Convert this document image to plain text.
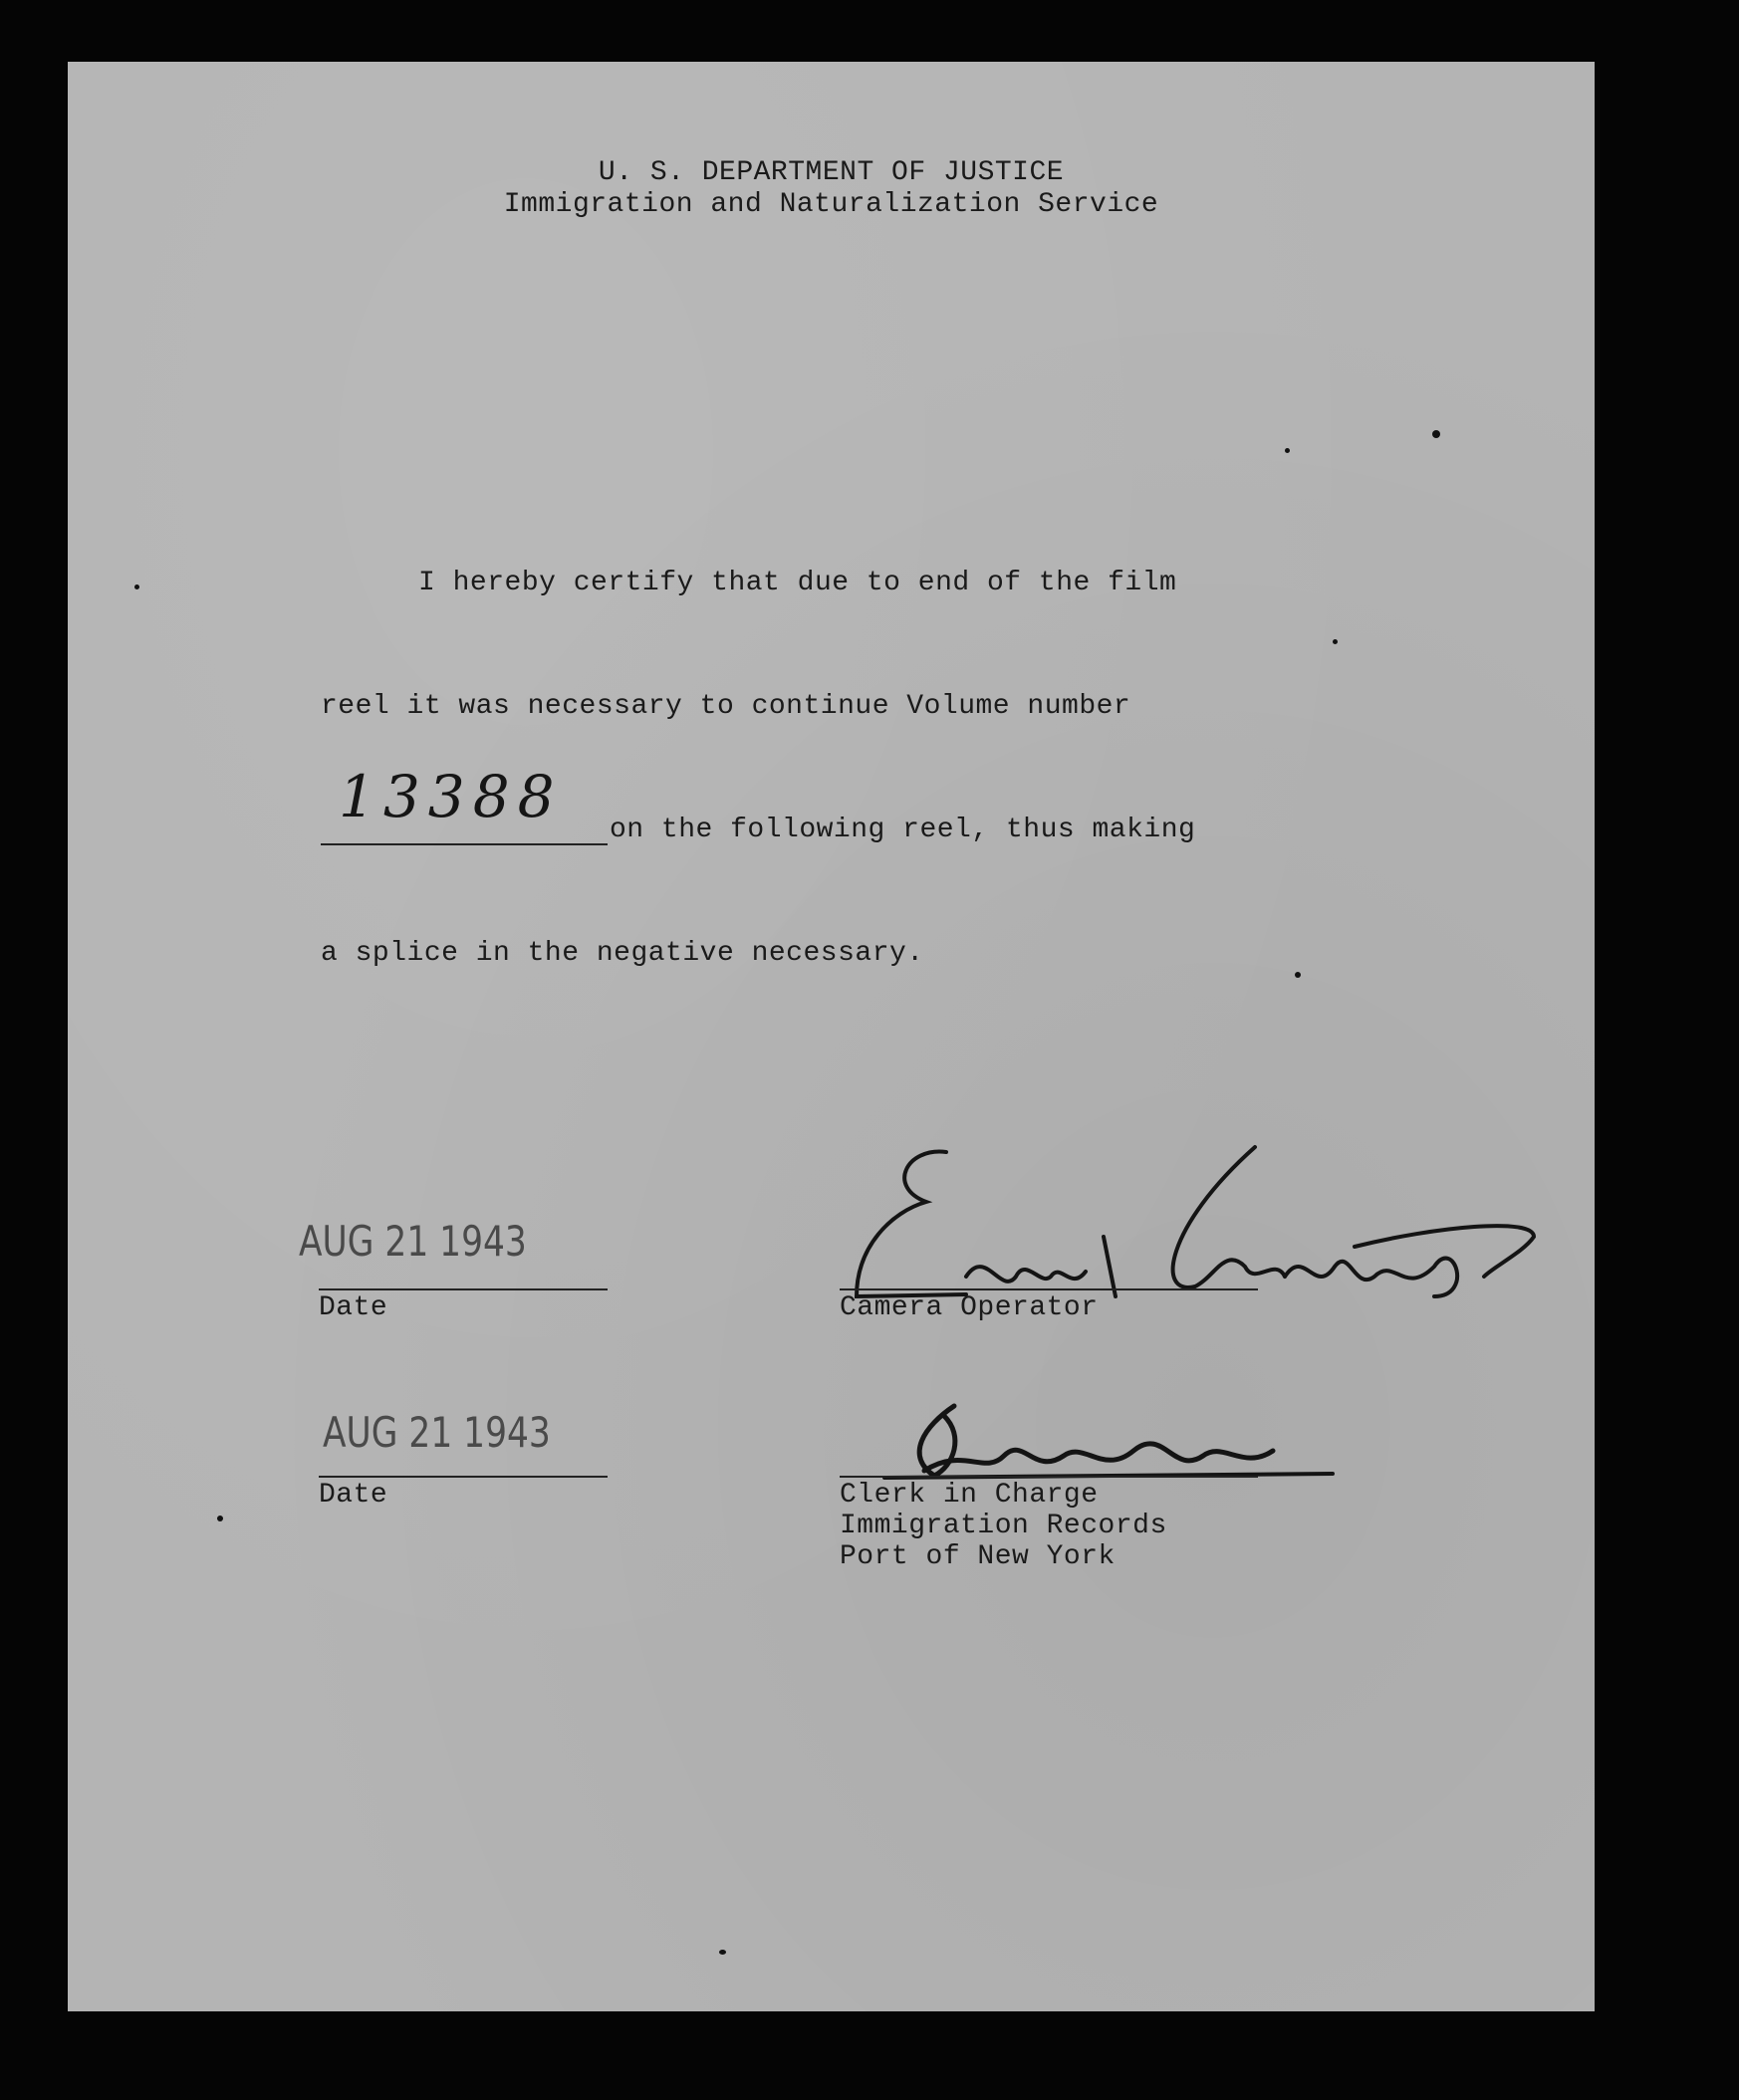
U. S. DEPARTMENT OF JUSTICE
Immigration and Naturalization Service
I hereby certify that due to end of the film
reel it was necessary to continue Volume number
13388 on the following reel, thus making
a splice in the negative necessary.
AUG 21 1943
Date	Camera Operator
AUG 21 1943
Date	Clerk in Charge
Immigration Records
Port of New York
